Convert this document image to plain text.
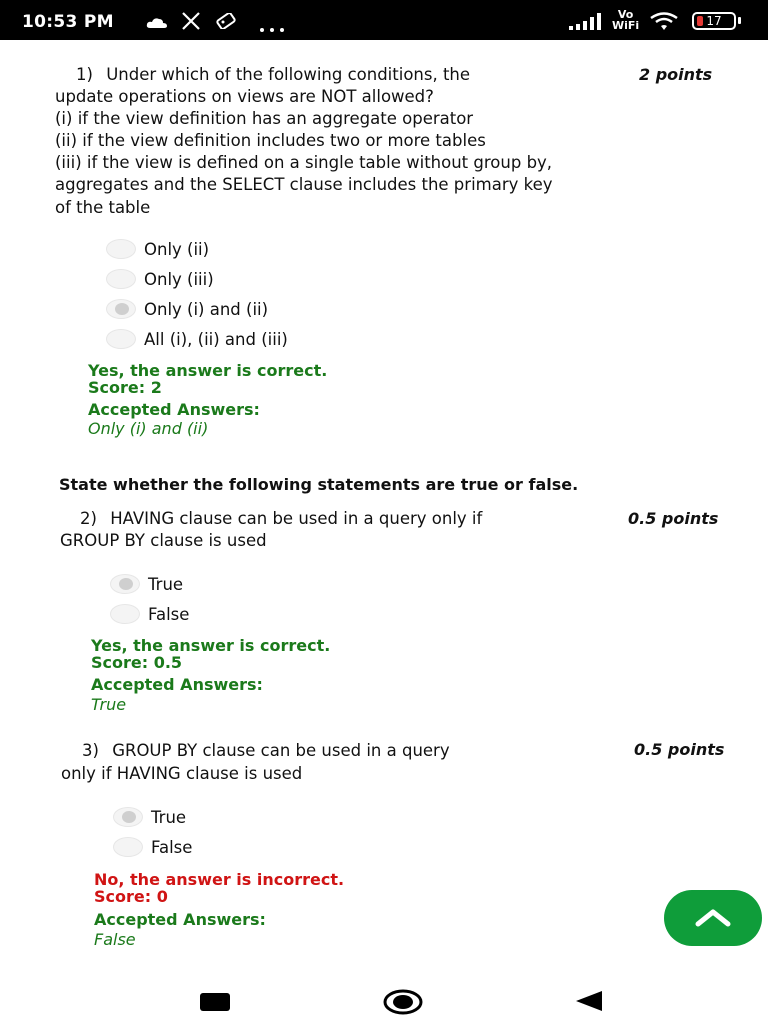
10:53 PM	Vo
WiFi	17
1) Under which of the following conditions, the	2 points
update operations on views are NOT allowed?
(i) if the view definition has an aggregate operator
(ii) if the view definition includes two or more tables
(iii) if the view is defined on a single table without group by,
aggregates and the SELECT clause includes the primary key
of the table
Only (ii)
Only (iii)
Only (i) and (ii)
All (i), (ii) and (iii)
Yes, the answer is correct.
Score: 2
Accepted Answers:
Only (i) and (ii)
State whether the following statements are true or false.
2) HAVING clause can be used in a query only if	0.5 points
GROUP BY clause is used
True
False
Yes, the answer is correct.
Score: 0.5
Accepted Answers:
True
3) GROUP BY clause can be used in a query	0.5 points
only if HAVING clause is used
True
False
No, the answer is incorrect.
Score: 0
Accepted Answers:
False
